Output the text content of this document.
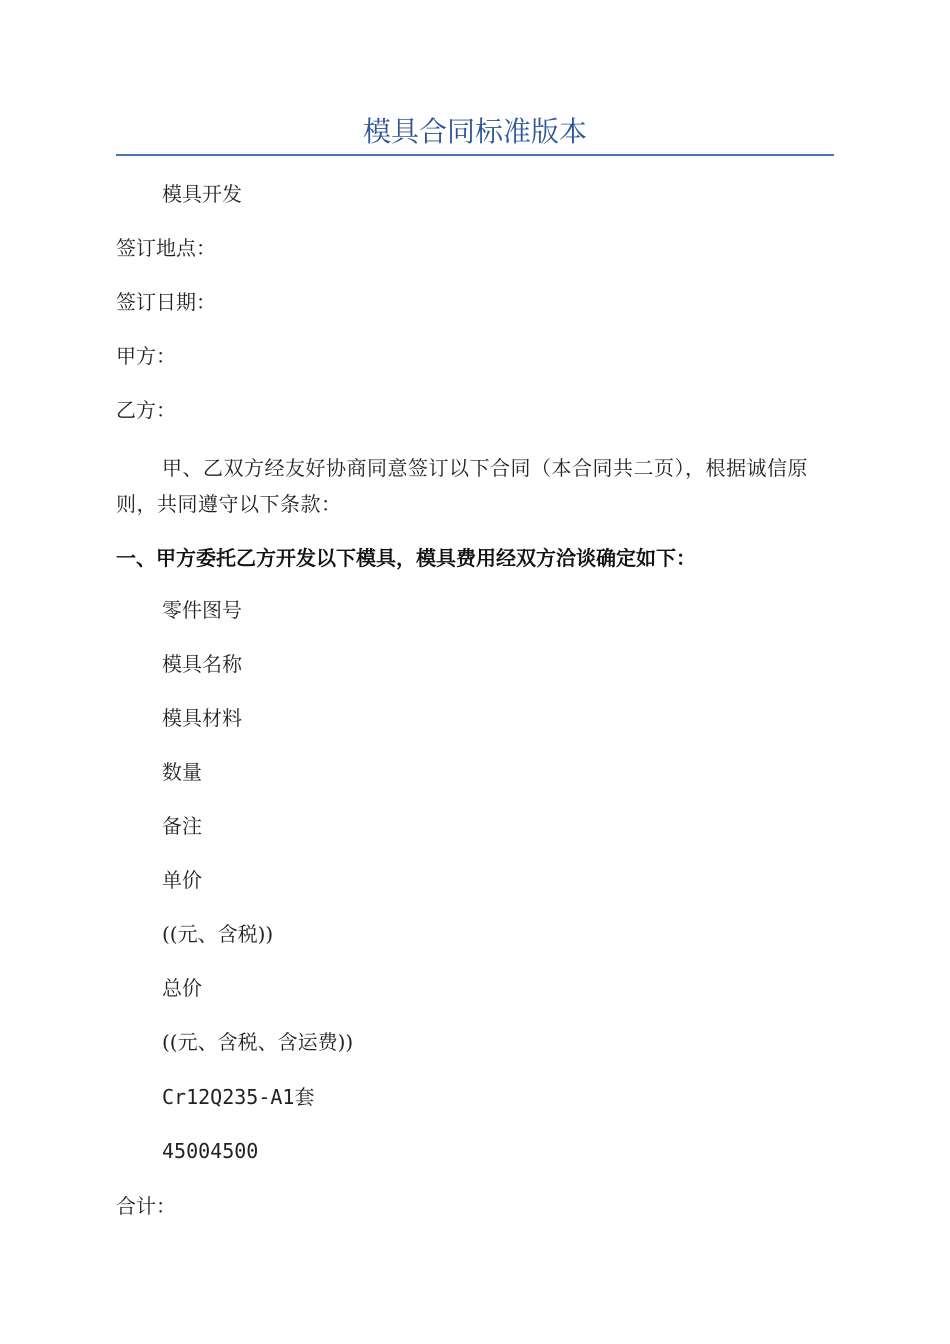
模具合同标准版本
模具开发
签订地点：
签订日期：
甲方：
乙方：
甲、乙双方经友好协商同意签订以下合同（本合同共二页），根据诚信原则，共同遵守以下条款：
一、甲方委托乙方开发以下模具，模具费用经双方洽谈确定如下：
零件图号
模具名称
模具材料
数量
备注
单价
((元、含税))
总价
((元、含税、含运费))
Cr12Q235-A1套
45004500
合计：
